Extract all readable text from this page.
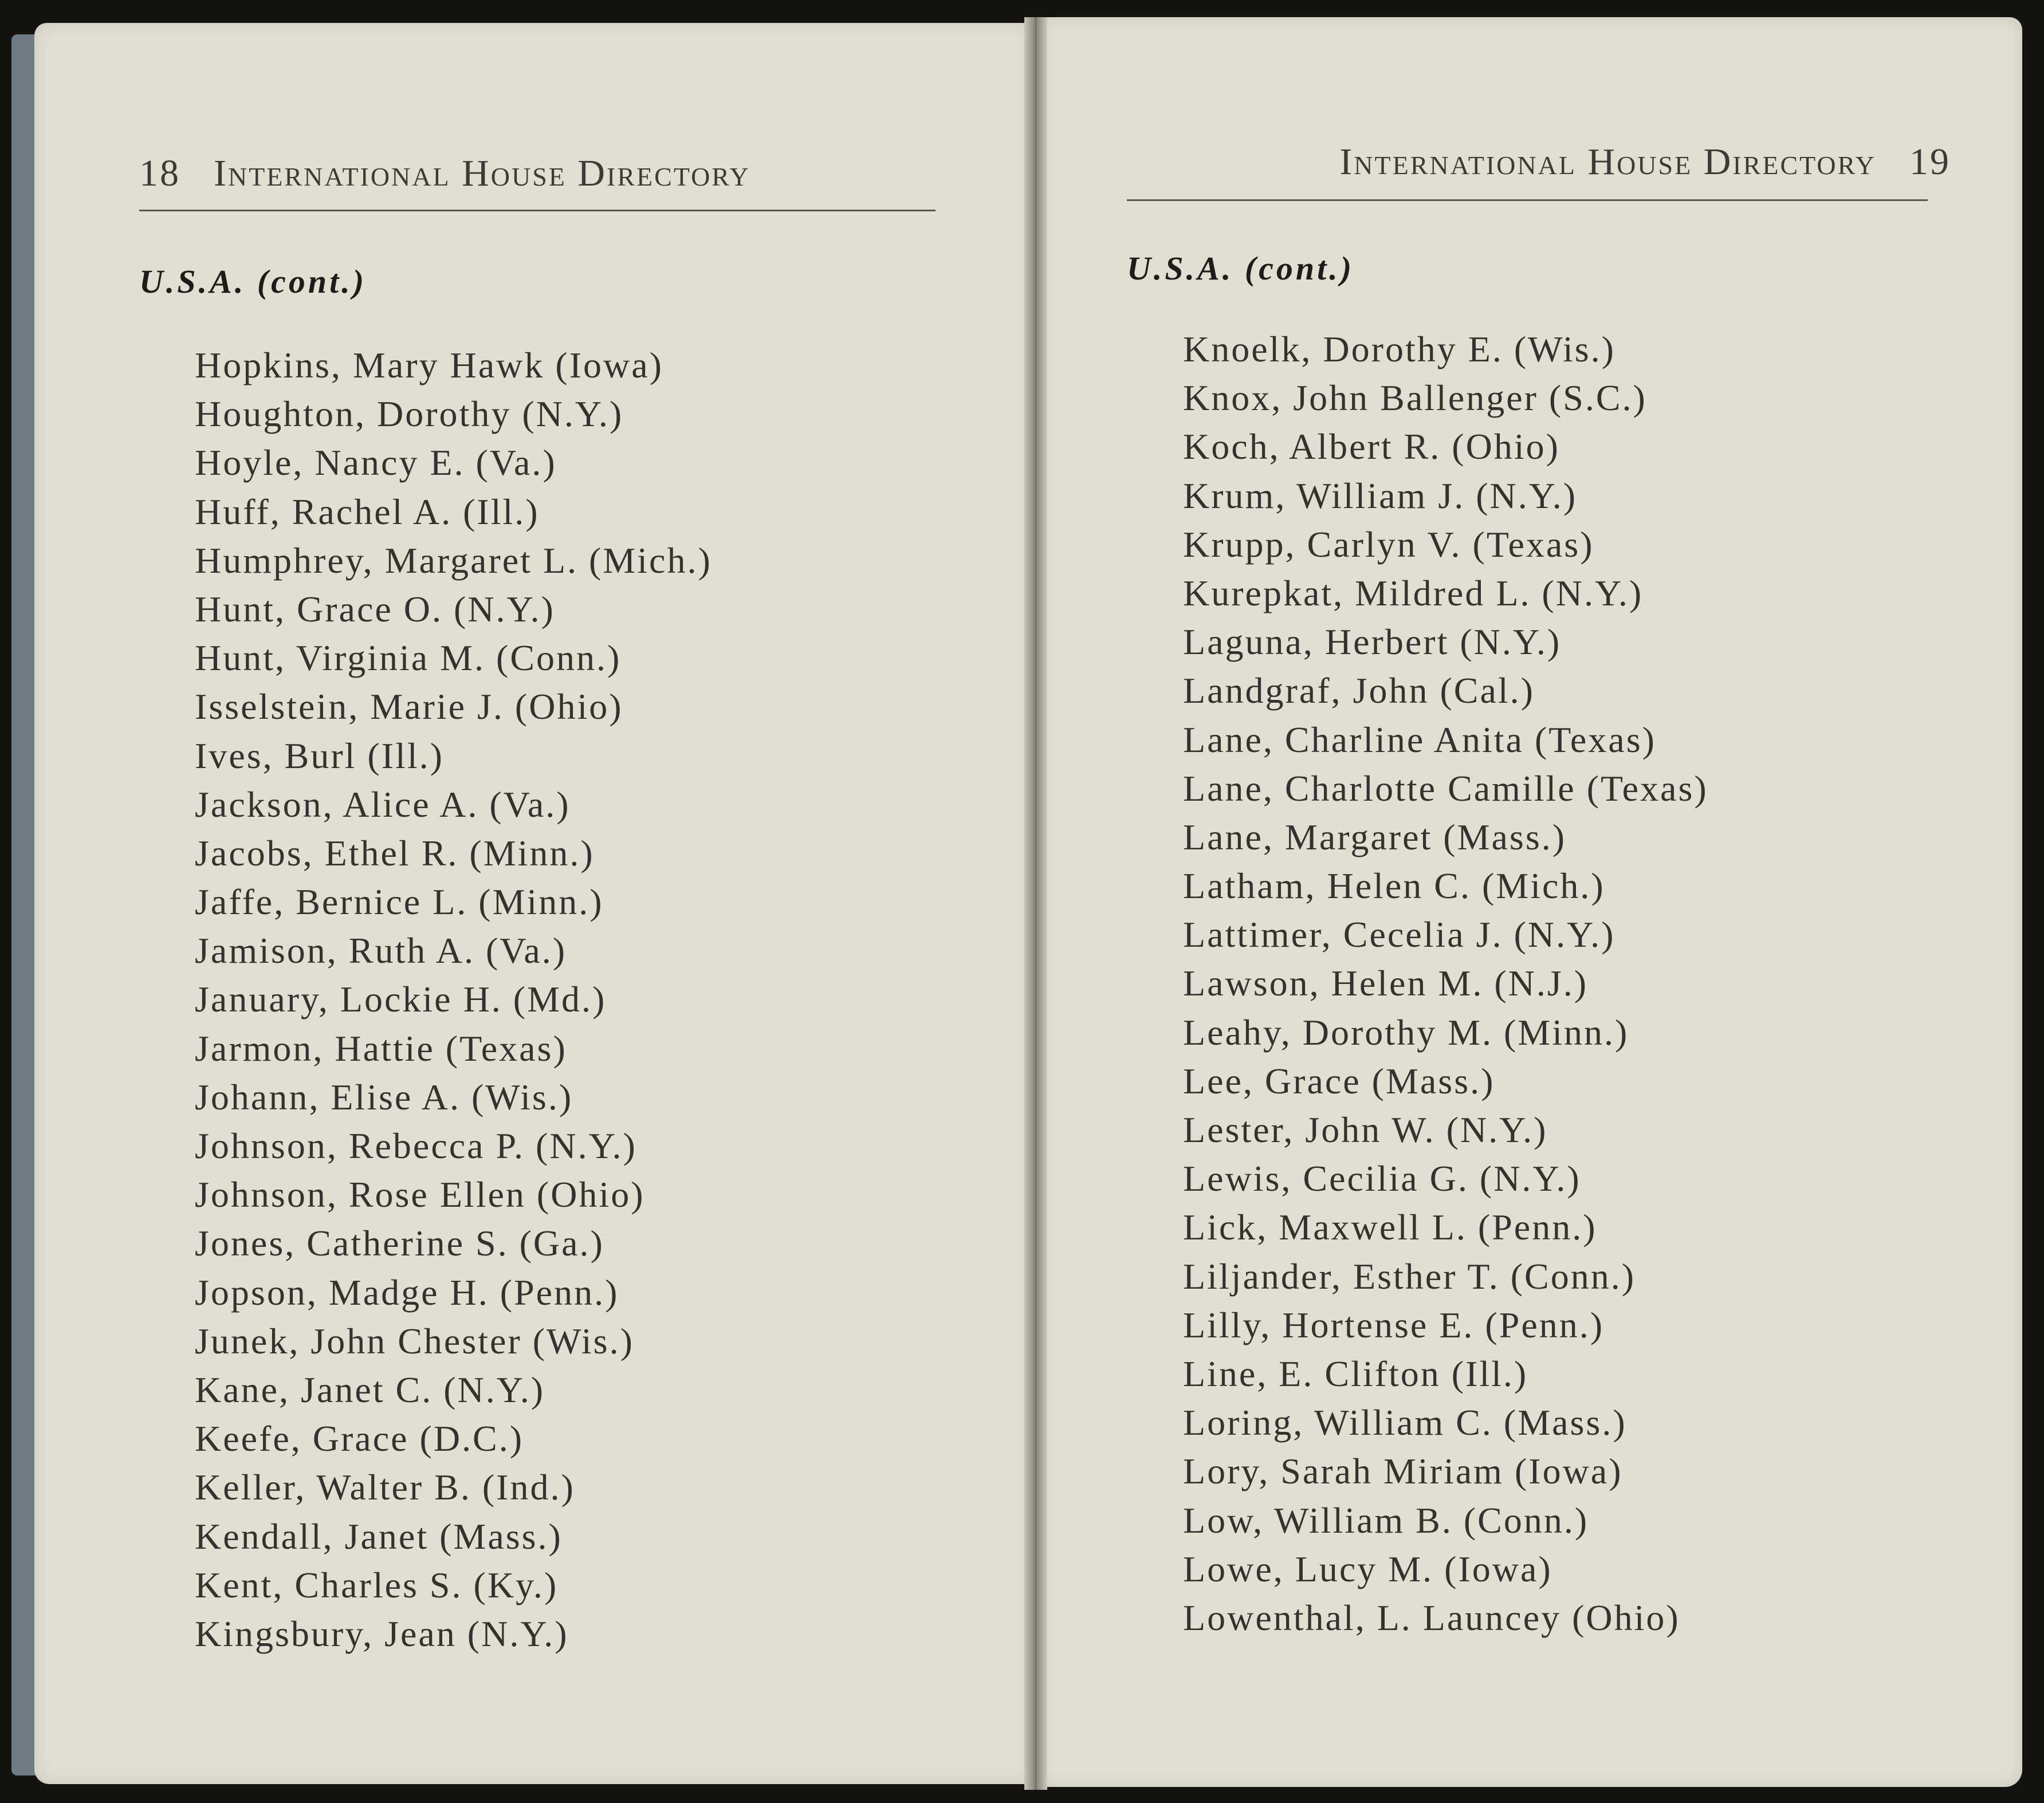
18 International House Directory
U.S.A. (cont.)
Hopkins, Mary Hawk (Iowa)
Houghton, Dorothy (N.Y.)
Hoyle, Nancy E. (Va.)
Huff, Rachel A. (Ill.)
Humphrey, Margaret L. (Mich.)
Hunt, Grace O. (N.Y.)
Hunt, Virginia M. (Conn.)
Isselstein, Marie J. (Ohio)
Ives, Burl (Ill.)
Jackson, Alice A. (Va.)
Jacobs, Ethel R. (Minn.)
Jaffe, Bernice L. (Minn.)
Jamison, Ruth A. (Va.)
January, Lockie H. (Md.)
Jarmon, Hattie (Texas)
Johann, Elise A. (Wis.)
Johnson, Rebecca P. (N.Y.)
Johnson, Rose Ellen (Ohio)
Jones, Catherine S. (Ga.)
Jopson, Madge H. (Penn.)
Junek, John Chester (Wis.)
Kane, Janet C. (N.Y.)
Keefe, Grace (D.C.)
Keller, Walter B. (Ind.)
Kendall, Janet (Mass.)
Kent, Charles S. (Ky.)
Kingsbury, Jean (N.Y.)
International House Directory 19
U.S.A. (cont.)
Knoelk, Dorothy E. (Wis.)
Knox, John Ballenger (S.C.)
Koch, Albert R. (Ohio)
Krum, William J. (N.Y.)
Krupp, Carlyn V. (Texas)
Kurepkat, Mildred L. (N.Y.)
Laguna, Herbert (N.Y.)
Landgraf, John (Cal.)
Lane, Charline Anita (Texas)
Lane, Charlotte Camille (Texas)
Lane, Margaret (Mass.)
Latham, Helen C. (Mich.)
Lattimer, Cecelia J. (N.Y.)
Lawson, Helen M. (N.J.)
Leahy, Dorothy M. (Minn.)
Lee, Grace (Mass.)
Lester, John W. (N.Y.)
Lewis, Cecilia G. (N.Y.)
Lick, Maxwell L. (Penn.)
Liljander, Esther T. (Conn.)
Lilly, Hortense E. (Penn.)
Line, E. Clifton (Ill.)
Loring, William C. (Mass.)
Lory, Sarah Miriam (Iowa)
Low, William B. (Conn.)
Lowe, Lucy M. (Iowa)
Lowenthal, L. Launcey (Ohio)
